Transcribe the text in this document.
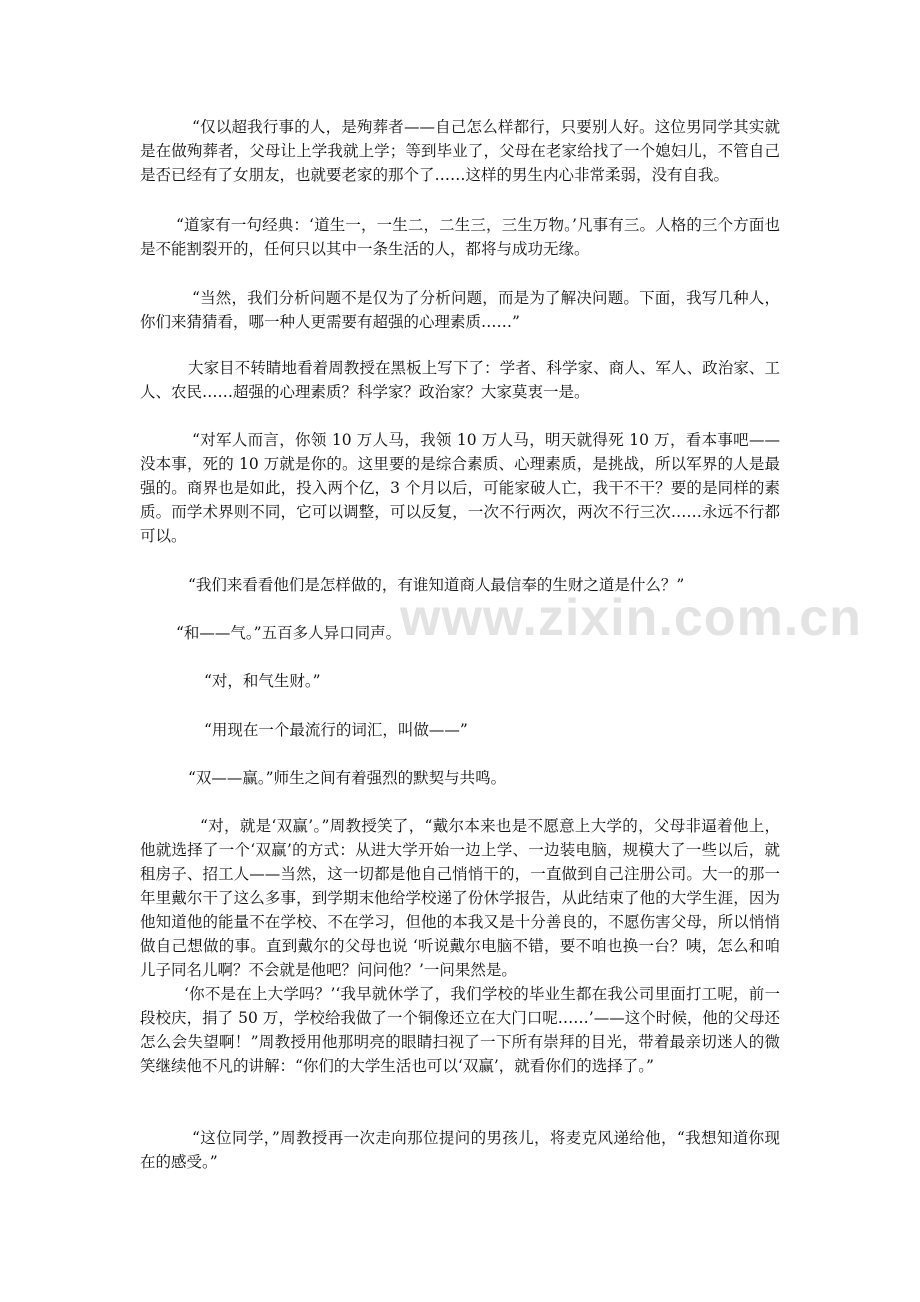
www.zixin.com.cn

“仅以超我行事的人，是殉葬者——自己怎么样都行，只要别人好。这位男同学其实就是在做殉葬者，父母让上学我就上学；等到毕业了，父母在老家给找了一个媳妇儿，不管自己是否已经有了女朋友，也就要老家的那个了……这样的男生内心非常柔弱，没有自我。

“道家有一句经典：‘道生一，一生二，二生三，三生万物。’凡事有三。人格的三个方面也是不能割裂开的，任何只以其中一条生活的人，都将与成功无缘。

“当然，我们分析问题不是仅为了分析问题，而是为了解决问题。下面，我写几种人，你们来猜猜看，哪一种人更需要有超强的心理素质……”

大家目不转睛地看着周教授在黑板上写下了：学者、科学家、商人、军人、政治家、工人、农民……超强的心理素质？科学家？政治家？大家莫衷一是。

“对军人而言，你领 10 万人马，我领 10 万人马，明天就得死 10 万，看本事吧——没本事，死的 10 万就是你的。这里要的是综合素质、心理素质，是挑战，所以军界的人是最强的。商界也是如此，投入两个亿，3 个月以后，可能家破人亡，我干不干？要的是同样的素质。而学术界则不同，它可以调整，可以反复，一次不行两次，两次不行三次……永远不行都可以。

“我们来看看他们是怎样做的，有谁知道商人最信奉的生财之道是什么？”

“和——气。”五百多人异口同声。

“对，和气生财。”

“用现在一个最流行的词汇，叫做——”

“双——赢。”师生之间有着强烈的默契与共鸣。

“对，就是‘双赢’。”周教授笑了，“戴尔本来也是不愿意上大学的，父母非逼着他上，他就选择了一个‘双赢’的方式：从进大学开始一边上学、一边装电脑，规模大了一些以后，就租房子、招工人——当然，这一切都是他自己悄悄干的，一直做到自己注册公司。大一的那一年里戴尔干了这么多事，到学期末他给学校递了份休学报告，从此结束了他的大学生涯，因为他知道他的能量不在学校、不在学习，但他的本我又是十分善良的，不愿伤害父母，所以悄悄做自己想做的事。直到戴尔的父母也说 ‘听说戴尔电脑不错，要不咱也换一台？咦，怎么和咱儿子同名儿啊？不会就是他吧？问问他？’一问果然是。

‘你不是在上大学吗？’‘我早就休学了，我们学校的毕业生都在我公司里面打工呢，前一段校庆，捐了 50 万，学校给我做了一个铜像还立在大门口呢……’——这个时候，他的父母还怎么会失望啊！”周教授用他那明亮的眼睛扫视了一下所有崇拜的目光，带着最亲切迷人的微笑继续他不凡的讲解：“你们的大学生活也可以‘双赢’，就看你们的选择了。”

“这位同学，”周教授再一次走向那位提问的男孩儿，将麦克风递给他，“我想知道你现在的感受。”
